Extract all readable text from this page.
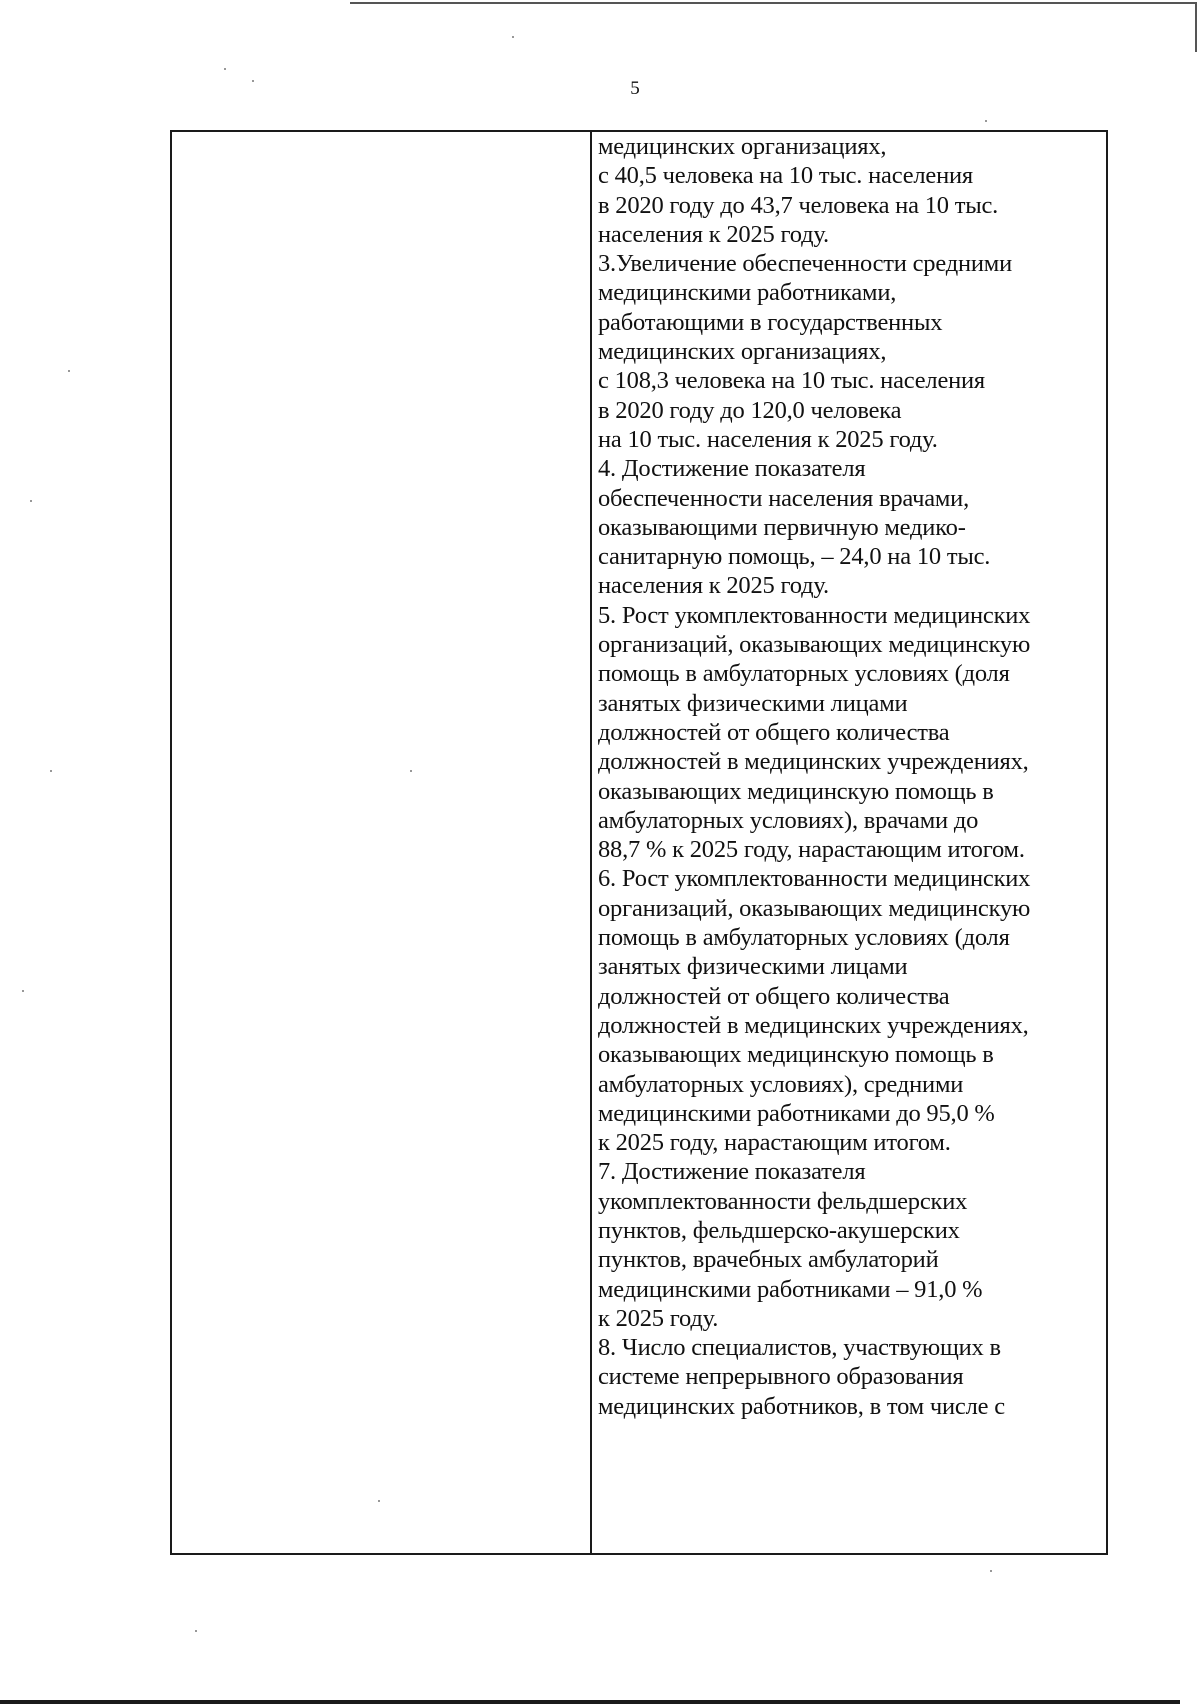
5
медицинских организациях,
с 40,5 человека на 10 тыс. населения
в 2020 году до 43,7 человека на 10 тыс.
населения к 2025 году.
3.Увеличение обеспеченности средними
медицинскими работниками,
работающими в государственных
медицинских организациях,
с 108,3 человека на 10 тыс. населения
в 2020 году до 120,0 человека
на 10 тыс. населения к 2025 году.
4. Достижение показателя
обеспеченности населения врачами,
оказывающими первичную медико-
санитарную помощь, – 24,0 на 10 тыс.
населения к 2025 году.
5. Рост укомплектованности медицинских
организаций, оказывающих медицинскую
помощь в амбулаторных условиях (доля
занятых физическими лицами
должностей от общего количества
должностей в медицинских учреждениях,
оказывающих медицинскую помощь в
амбулаторных условиях), врачами до
88,7 % к 2025 году, нарастающим итогом.
6. Рост укомплектованности медицинских
организаций, оказывающих медицинскую
помощь в амбулаторных условиях (доля
занятых физическими лицами
должностей от общего количества
должностей в медицинских учреждениях,
оказывающих медицинскую помощь в
амбулаторных условиях), средними
медицинскими работниками до 95,0 %
к 2025 году, нарастающим итогом.
7. Достижение показателя
укомплектованности фельдшерских
пунктов, фельдшерско-акушерских
пунктов, врачебных амбулаторий
медицинскими работниками – 91,0 %
к 2025 году.
8. Число специалистов, участвующих в
системе непрерывного образования
медицинских работников, в том числе с
